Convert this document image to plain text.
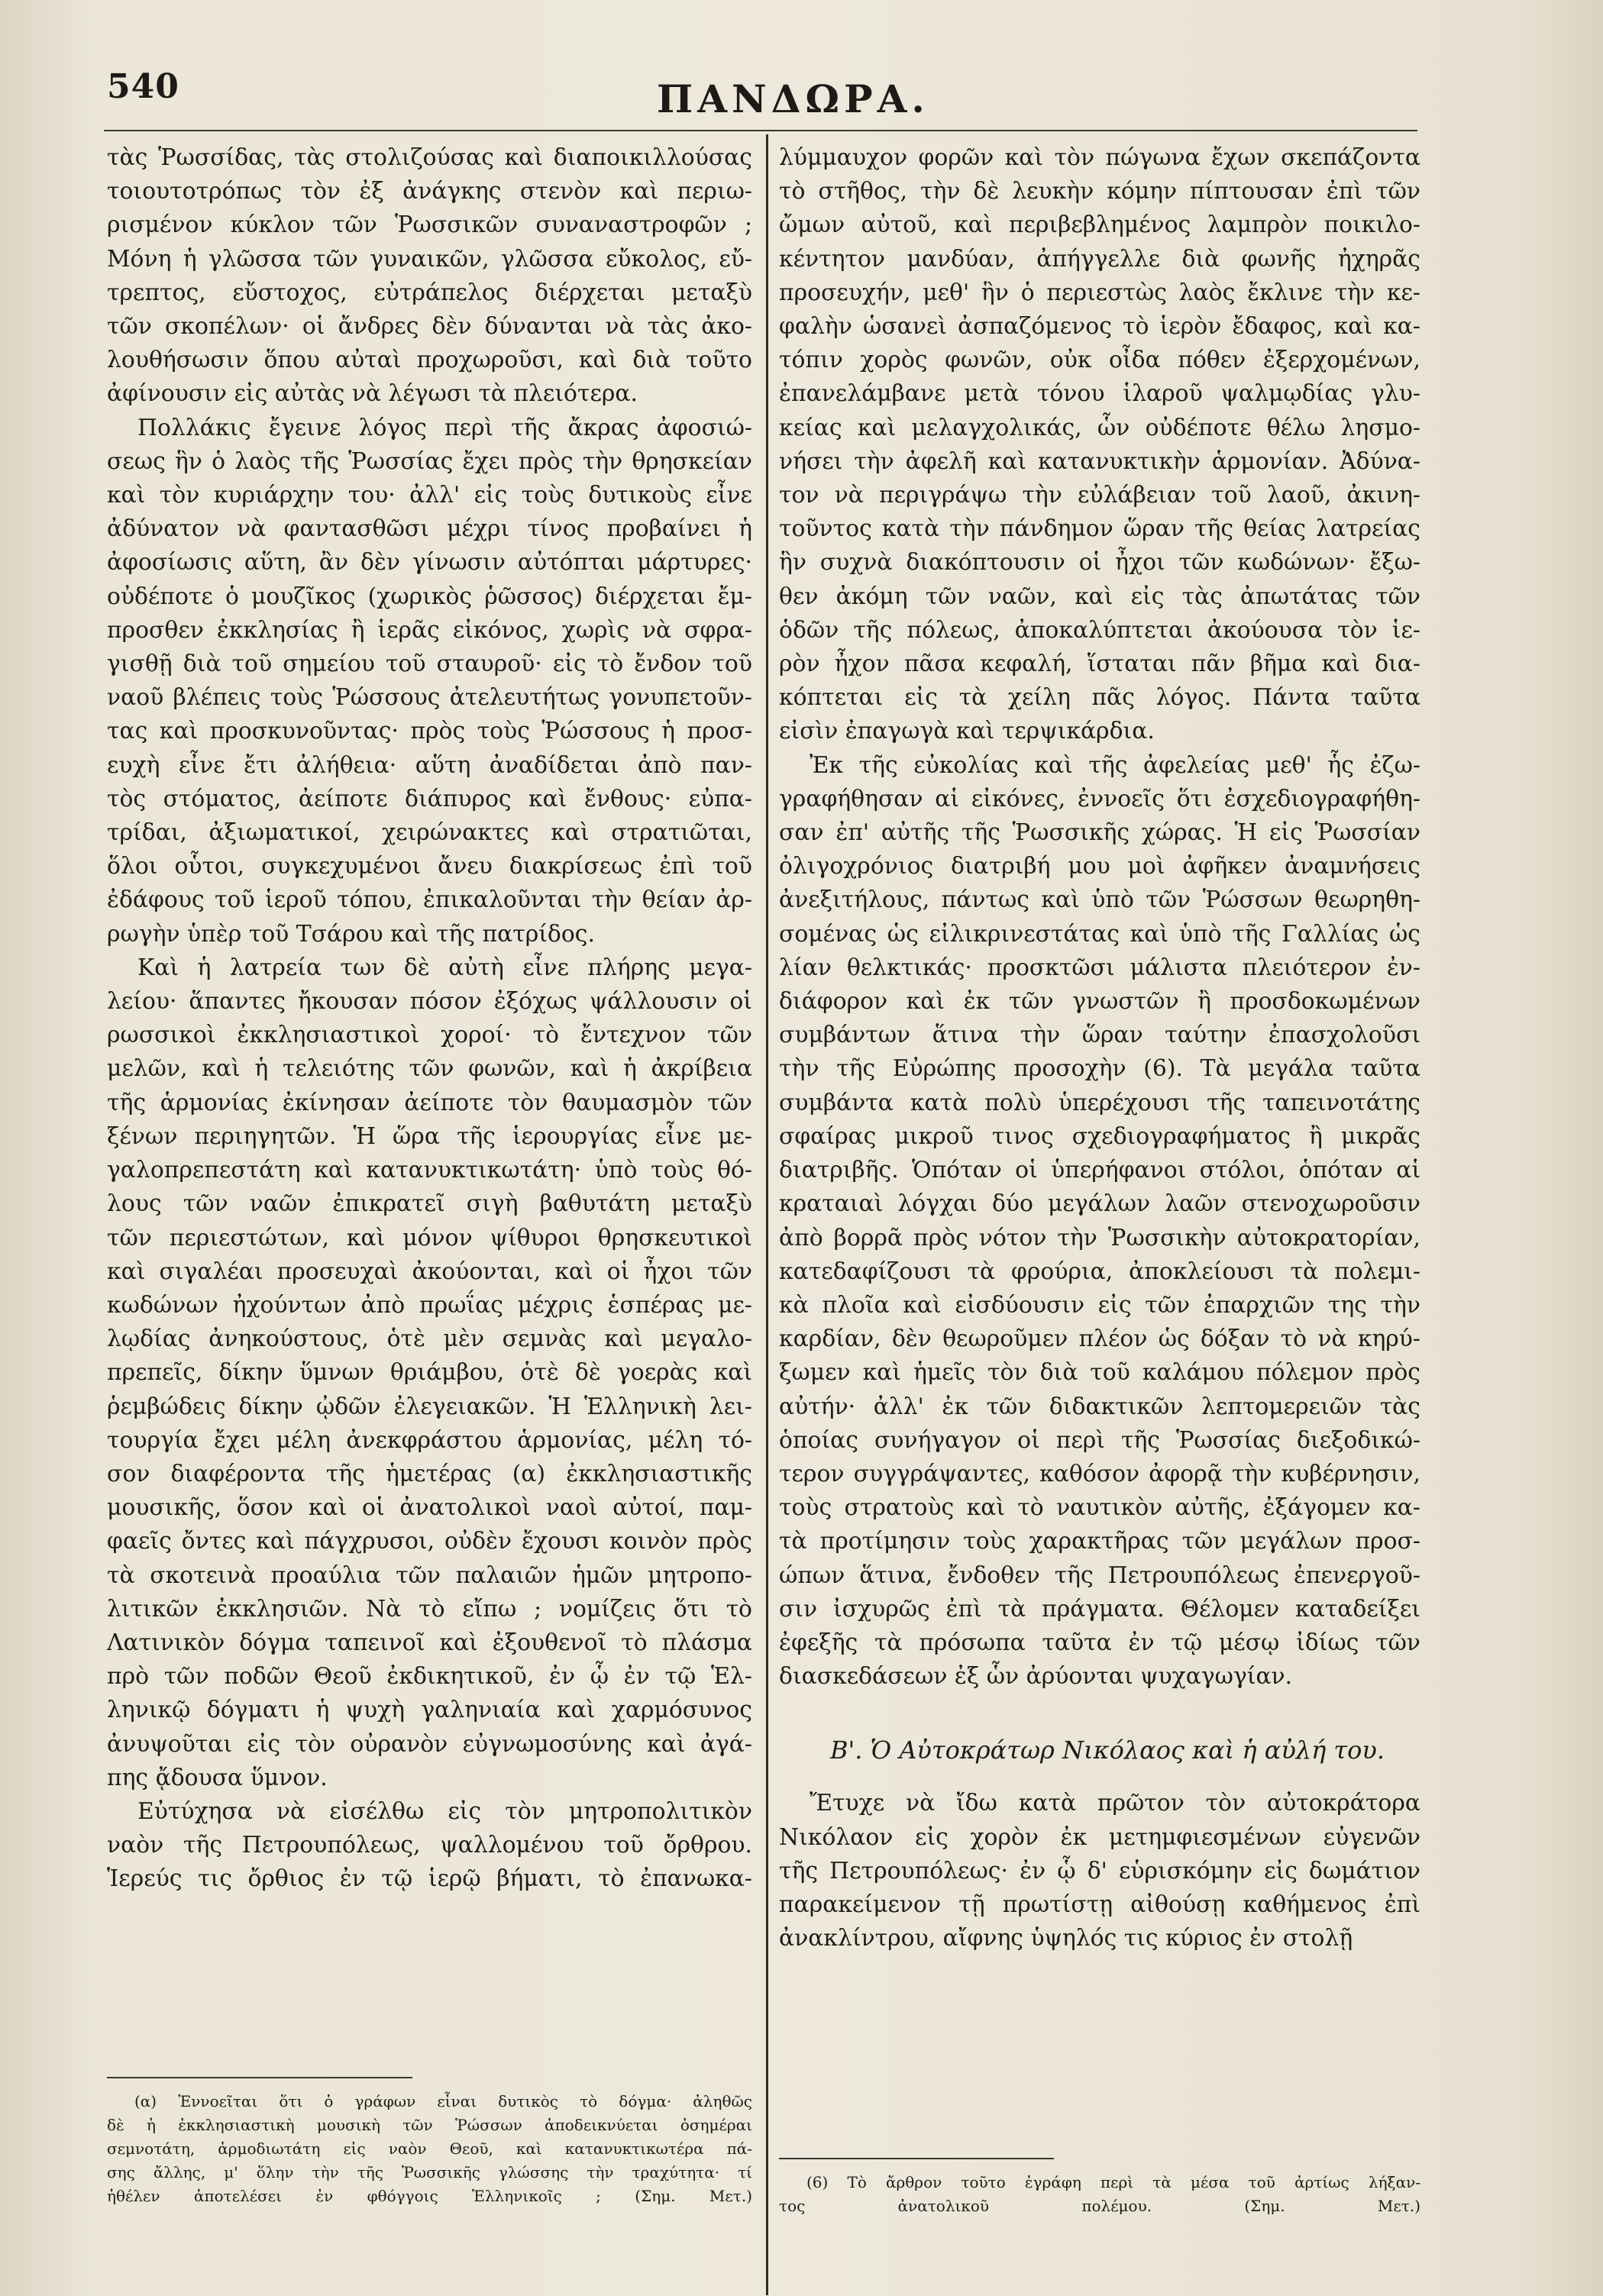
540	ΠΑΝΔΩΡΑ.
τὰς Ῥωσσίδας, τὰς στολιζούσας καὶ διαποικιλλούσας
τοιουτοτρόπως τὸν ἐξ ἀνάγκης στενὸν καὶ περιω-
ρισμένον κύκλον τῶν Ῥωσσικῶν συναναστροφῶν ;
Μόνη ἡ γλῶσσα τῶν γυναικῶν, γλῶσσα εὔκολος, εὔ-
τρεπτος, εὔστοχος, εὐτράπελος διέρχεται μεταξὺ
τῶν σκοπέλων· οἱ ἄνδρες δὲν δύνανται νὰ τὰς ἀκο-
λουθήσωσιν ὅπου αὐταὶ προχωροῦσι, καὶ διὰ τοῦτο
ἀφίνουσιν εἰς αὐτὰς νὰ λέγωσι τὰ πλειότερα.
Πολλάκις ἔγεινε λόγος περὶ τῆς ἄκρας ἀφοσιώ-
σεως ἣν ὁ λαὸς τῆς Ῥωσσίας ἔχει πρὸς τὴν θρησκείαν
καὶ τὸν κυριάρχην του· ἀλλ' εἰς τοὺς δυτικοὺς εἶνε
ἀδύνατον νὰ φαντασθῶσι μέχρι τίνος προβαίνει ἡ
ἀφοσίωσις αὕτη, ἂν δὲν γίνωσιν αὐτόπται μάρτυρες·
οὐδέποτε ὁ μουζῖκος (χωρικὸς ῥῶσσος) διέρχεται ἔμ-
προσθεν ἐκκλησίας ἢ ἱερᾶς εἰκόνος, χωρὶς νὰ σφρα-
γισθῇ διὰ τοῦ σημείου τοῦ σταυροῦ· εἰς τὸ ἔνδον τοῦ
ναοῦ βλέπεις τοὺς Ῥώσσους ἀτελευτήτως γονυπετοῦν-
τας καὶ προσκυνοῦντας· πρὸς τοὺς Ῥώσσους ἡ προσ-
ευχὴ εἶνε ἔτι ἀλήθεια· αὕτη ἀναδίδεται ἀπὸ παν-
τὸς στόματος, ἀείποτε διάπυρος καὶ ἔνθους· εὐπα-
τρίδαι, ἀξιωματικοί, χειρώνακτες καὶ στρατιῶται,
ὅλοι οὗτοι, συγκεχυμένοι ἄνευ διακρίσεως ἐπὶ τοῦ
ἐδάφους τοῦ ἱεροῦ τόπου, ἐπικαλοῦνται τὴν θείαν ἀρ-
ρωγὴν ὑπὲρ τοῦ Τσάρου καὶ τῆς πατρίδος.
Καὶ ἡ λατρεία των δὲ αὐτὴ εἶνε πλήρης μεγα-
λείου· ἅπαντες ἤκουσαν πόσον ἐξόχως ψάλλουσιν οἱ
ρωσσικοὶ ἐκκλησιαστικοὶ χοροί· τὸ ἔντεχνον τῶν
μελῶν, καὶ ἡ τελειότης τῶν φωνῶν, καὶ ἡ ἀκρίβεια
τῆς ἁρμονίας ἐκίνησαν ἀείποτε τὸν θαυμασμὸν τῶν
ξένων περιηγητῶν. Ἡ ὥρα τῆς ἱερουργίας εἶνε με-
γαλοπρεπεστάτη καὶ κατανυκτικωτάτη· ὑπὸ τοὺς θό-
λους τῶν ναῶν ἐπικρατεῖ σιγὴ βαθυτάτη μεταξὺ
τῶν περιεστώτων, καὶ μόνον ψίθυροι θρησκευτικοὶ
καὶ σιγαλέαι προσευχαὶ ἀκούονται, καὶ οἱ ἦχοι τῶν
κωδώνων ἠχούντων ἀπὸ πρωΐας μέχρις ἑσπέρας με-
λῳδίας ἀνηκούστους, ὁτὲ μὲν σεμνὰς καὶ μεγαλο-
πρεπεῖς, δίκην ὕμνων θριάμβου, ὁτὲ δὲ γοερὰς καὶ
ῥεμβώδεις δίκην ᾠδῶν ἐλεγειακῶν. Ἡ Ἑλληνικὴ λει-
τουργία ἔχει μέλη ἀνεκφράστου ἁρμονίας, μέλη τό-
σον διαφέροντα τῆς ἡμετέρας (α) ἐκκλησιαστικῆς
μουσικῆς, ὅσον καὶ οἱ ἀνατολικοὶ ναοὶ αὐτοί, παμ-
φαεῖς ὄντες καὶ πάγχρυσοι, οὐδὲν ἔχουσι κοινὸν πρὸς
τὰ σκοτεινὰ προαύλια τῶν παλαιῶν ἡμῶν μητροπο-
λιτικῶν ἐκκλησιῶν. Νὰ τὸ εἴπω ; νομίζεις ὅτι τὸ
Λατινικὸν δόγμα ταπεινοῖ καὶ ἐξουθενοῖ τὸ πλάσμα
πρὸ τῶν ποδῶν Θεοῦ ἐκδικητικοῦ, ἐν ᾧ ἐν τῷ Ἑλ-
ληνικῷ δόγματι ἡ ψυχὴ γαληνιαία καὶ χαρμόσυνος
ἀνυψοῦται εἰς τὸν οὐρανὸν εὐγνωμοσύνης καὶ ἀγά-
πης ᾄδουσα ὕμνον.
Εὐτύχησα νὰ εἰσέλθω εἰς τὸν μητροπολιτικὸν
ναὸν τῆς Πετρουπόλεως, ψαλλομένου τοῦ ὄρθρου.
Ἱερεύς τις ὄρθιος ἐν τῷ ἱερῷ βήματι, τὸ ἐπανωκα-
λύμμαυχον φορῶν καὶ τὸν πώγωνα ἔχων σκεπάζοντα
τὸ στῆθος, τὴν δὲ λευκὴν κόμην πίπτουσαν ἐπὶ τῶν
ὤμων αὐτοῦ, καὶ περιβεβλημένος λαμπρὸν ποικιλο-
κέντητον μανδύαν, ἀπήγγελλε διὰ φωνῆς ἠχηρᾶς
προσευχήν, μεθ' ἣν ὁ περιεστὼς λαὸς ἔκλινε τὴν κε-
φαλὴν ὡσανεὶ ἀσπαζόμενος τὸ ἱερὸν ἔδαφος, καὶ κα-
τόπιν χορὸς φωνῶν, οὐκ οἶδα πόθεν ἐξερχομένων,
ἐπανελάμβανε μετὰ τόνου ἱλαροῦ ψαλμῳδίας γλυ-
κείας καὶ μελαγχολικάς, ὧν οὐδέποτε θέλω λησμο-
νήσει τὴν ἀφελῆ καὶ κατανυκτικὴν ἁρμονίαν. Ἀδύνα-
τον νὰ περιγράψω τὴν εὐλάβειαν τοῦ λαοῦ, ἀκινη-
τοῦντος κατὰ τὴν πάνδημον ὥραν τῆς θείας λατρείας
ἣν συχνὰ διακόπτουσιν οἱ ἦχοι τῶν κωδώνων· ἔξω-
θεν ἀκόμη τῶν ναῶν, καὶ εἰς τὰς ἀπωτάτας τῶν
ὁδῶν τῆς πόλεως, ἀποκαλύπτεται ἀκούουσα τὸν ἱε-
ρὸν ἦχον πᾶσα κεφαλή, ἵσταται πᾶν βῆμα καὶ δια-
κόπτεται εἰς τὰ χείλη πᾶς λόγος. Πάντα ταῦτα
εἰσὶν ἐπαγωγὰ καὶ τερψικάρδια.
Ἐκ τῆς εὐκολίας καὶ τῆς ἀφελείας μεθ' ἧς ἐζω-
γραφήθησαν αἱ εἰκόνες, ἐννοεῖς ὅτι ἐσχεδιογραφήθη-
σαν ἐπ' αὐτῆς τῆς Ῥωσσικῆς χώρας. Ἡ εἰς Ῥωσσίαν
ὀλιγοχρόνιος διατριβή μου μοὶ ἀφῆκεν ἀναμνήσεις
ἀνεξιτήλους, πάντως καὶ ὑπὸ τῶν Ῥώσσων θεωρηθη-
σομένας ὡς εἰλικρινεστάτας καὶ ὑπὸ τῆς Γαλλίας ὡς
λίαν θελκτικάς· προσκτῶσι μάλιστα πλειότερον ἐν-
διάφορον καὶ ἐκ τῶν γνωστῶν ἢ προσδοκωμένων
συμβάντων ἅτινα τὴν ὥραν ταύτην ἐπασχολοῦσι
τὴν τῆς Εὐρώπης προσοχὴν (6). Τὰ μεγάλα ταῦτα
συμβάντα κατὰ πολὺ ὑπερέχουσι τῆς ταπεινοτάτης
σφαίρας μικροῦ τινος σχεδιογραφήματος ἢ μικρᾶς
διατριβῆς. Ὁπόταν οἱ ὑπερήφανοι στόλοι, ὁπόταν αἱ
κραταιαὶ λόγχαι δύο μεγάλων λαῶν στενοχωροῦσιν
ἀπὸ βορρᾶ πρὸς νότον τὴν Ῥωσσικὴν αὐτοκρατορίαν,
κατεδαφίζουσι τὰ φρούρια, ἀποκλείουσι τὰ πολεμι-
κὰ πλοῖα καὶ εἰσδύουσιν εἰς τῶν ἐπαρχιῶν της τὴν
καρδίαν, δὲν θεωροῦμεν πλέον ὡς δόξαν τὸ νὰ κηρύ-
ξωμεν καὶ ἡμεῖς τὸν διὰ τοῦ καλάμου πόλεμον πρὸς
αὐτήν· ἀλλ' ἐκ τῶν διδακτικῶν λεπτομερειῶν τὰς
ὁποίας συνήγαγον οἱ περὶ τῆς Ῥωσσίας διεξοδικώ-
τερον συγγράψαντες, καθόσον ἀφορᾷ τὴν κυβέρνησιν,
τοὺς στρατοὺς καὶ τὸ ναυτικὸν αὐτῆς, ἐξάγομεν κα-
τὰ προτίμησιν τοὺς χαρακτῆρας τῶν μεγάλων προσ-
ώπων ἅτινα, ἔνδοθεν τῆς Πετρουπόλεως ἐπενεργοῦ-
σιν ἰσχυρῶς ἐπὶ τὰ πράγματα. Θέλομεν καταδείξει
ἐφεξῆς τὰ πρόσωπα ταῦτα ἐν τῷ μέσῳ ἰδίως τῶν
διασκεδάσεων ἐξ ὧν ἀρύονται ψυχαγωγίαν.
Β'. Ὁ Αὐτοκράτωρ Νικόλαος καὶ ἡ αὐλή του.
Ἔτυχε νὰ ἴδω κατὰ πρῶτον τὸν αὐτοκράτορα
Νικόλαον εἰς χορὸν ἐκ μετημφιεσμένων εὐγενῶν
τῆς Πετρουπόλεως· ἐν ᾧ δ' εὑρισκόμην εἰς δωμάτιον
παρακείμενον τῇ πρωτίστῃ αἰθούσῃ καθήμενος ἐπὶ
ἀνακλίντρου, αἴφνης ὑψηλός τις κύριος ἐν στολῇ
(α) Ἐννοεῖται ὅτι ὁ γράφων εἶναι δυτικὸς τὸ δόγμα· ἀληθῶς
δὲ ἡ ἐκκλησιαστικὴ μουσικὴ τῶν Ῥώσσων ἀποδεικνύεται ὁσημέραι
σεμνοτάτη, ἁρμοδιωτάτη εἰς ναὸν Θεοῦ, καὶ κατανυκτικωτέρα πά-
σης ἄλλης, μ' ὅλην τὴν τῆς Ῥωσσικῆς γλώσσης τὴν τραχύτητα· τί
ἠθέλεν ἀποτελέσει ἐν φθόγγοις Ἑλληνικοῖς ; (Σημ. Μετ.)
(6) Τὸ ἄρθρον τοῦτο ἐγράφη περὶ τὰ μέσα τοῦ ἀρτίως λήξαν-
τος ἀνατολικοῦ πολέμου. (Σημ. Μετ.)
